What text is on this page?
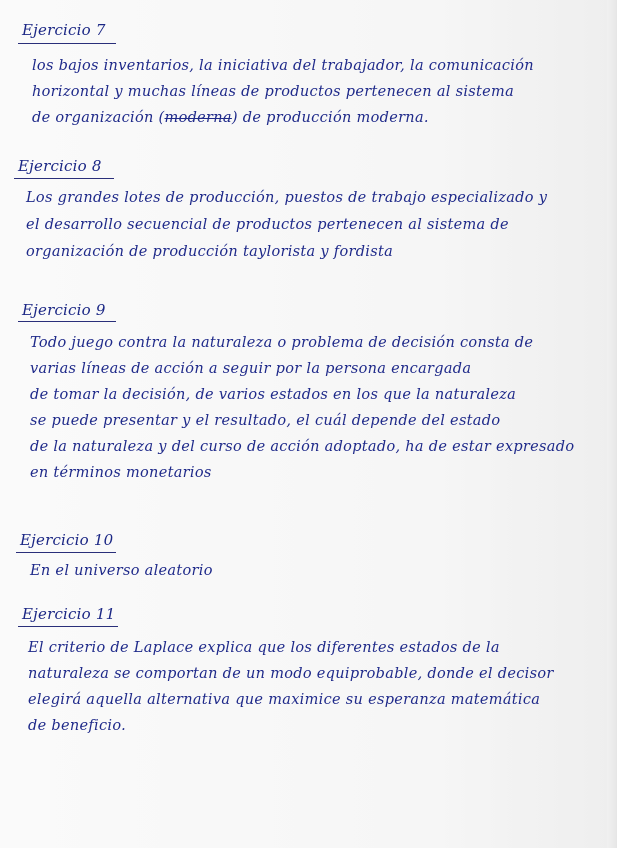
Ejercicio 7
los bajos inventarios, la iniciativa del trabajador, la comunicación
horizontal y muchas líneas de productos pertenecen al sistema
de organización (moderna) de producción moderna.
Ejercicio 8
Los grandes lotes de producción, puestos de trabajo especializado y
el desarrollo secuencial de productos pertenecen al sistema de
organización de producción taylorista y fordista
Ejercicio 9
Todo juego contra la naturaleza o problema de decisión consta de
varias líneas de acción a seguir por la persona encargada
de tomar la decisión, de varios estados en los que la naturaleza
se puede presentar y el resultado, el cuál depende del estado
de la naturaleza y del curso de acción adoptado, ha de estar expresado
en términos monetarios
Ejercicio 10
En el universo aleatorio
Ejercicio 11
El criterio de Laplace explica que los diferentes estados de la
naturaleza se comportan de un modo equiprobable, donde el decisor
elegirá aquella alternativa que maximice su esperanza matemática
de beneficio.
